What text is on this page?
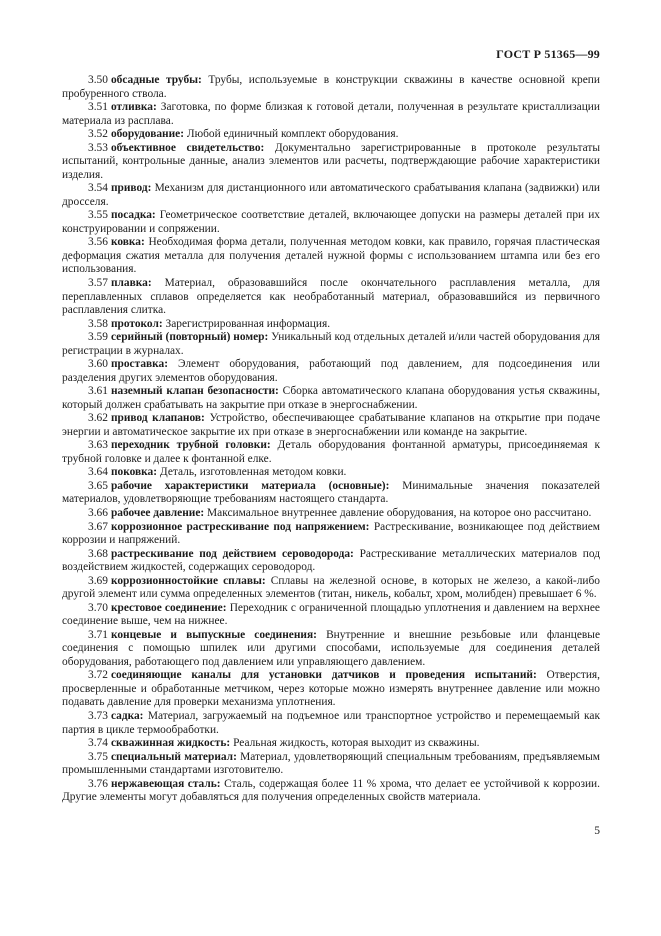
ГОСТ Р 51365—99

3.50 обсадные трубы: Трубы, используемые в конструкции скважины в качестве основной крепи пробуренного ствола.

3.51 отливка: Заготовка, по форме близкая к готовой детали, полученная в результате кристаллизации материала из расплава.

3.52 оборудование: Любой единичный комплект оборудования.

3.53 объективное свидетельство: Документально зарегистрированные в протоколе результаты испытаний, контрольные данные, анализ элементов или расчеты, подтверждающие рабочие характеристики изделия.

3.54 привод: Механизм для дистанционного или автоматического срабатывания клапана (задвижки) или дросселя.

3.55 посадка: Геометрическое соответствие деталей, включающее допуски на размеры деталей при их конструировании и сопряжении.

3.56 ковка: Необходимая форма детали, полученная методом ковки, как правило, горячая пластическая деформация сжатия металла для получения деталей нужной формы с использованием штампа или без его использования.

3.57 плавка: Материал, образовавшийся после окончательного расплавления металла, для переплавленных сплавов определяется как необработанный материал, образовавшийся из первичного расплавления слитка.

3.58 протокол: Зарегистрированная информация.

3.59 серийный (повторный) номер: Уникальный код отдельных деталей и/или частей оборудования для регистрации в журналах.

3.60 проставка: Элемент оборудования, работающий под давлением, для подсоединения или разделения других элементов оборудования.

3.61 наземный клапан безопасности: Сборка автоматического клапана оборудования устья скважины, который должен срабатывать на закрытие при отказе в энергоснабжении.

3.62 привод клапанов: Устройство, обеспечивающее срабатывание клапанов на открытие при подаче энергии и автоматическое закрытие их при отказе в энергоснабжении или команде на закрытие.

3.63 переходник трубной головки: Деталь оборудования фонтанной арматуры, присоединяемая к трубной головке и далее к фонтанной елке.

3.64 поковка: Деталь, изготовленная методом ковки.

3.65 рабочие характеристики материала (основные): Минимальные значения показателей материалов, удовлетворяющие требованиям настоящего стандарта.

3.66 рабочее давление: Максимальное внутреннее давление оборудования, на которое оно рассчитано.

3.67 коррозионное растрескивание под напряжением: Растрескивание, возникающее под действием коррозии и напряжений.

3.68 растрескивание под действием сероводорода: Растрескивание металлических материалов под воздействием жидкостей, содержащих сероводород.

3.69 коррозионностойкие сплавы: Сплавы на железной основе, в которых не железо, а какой-либо другой элемент или сумма определенных элементов (титан, никель, кобальт, хром, молибден) превышает 6 %.

3.70 крестовое соединение: Переходник с ограниченной площадью уплотнения и давлением на верхнее соединение выше, чем на нижнее.

3.71 концевые и выпускные соединения: Внутренние и внешние резьбовые или фланцевые соединения с помощью шпилек или другими способами, используемые для соединения деталей оборудования, работающего под давлением или управляющего давлением.

3.72 соединяющие каналы для установки датчиков и проведения испытаний: Отверстия, просверленные и обработанные метчиком, через которые можно измерять внутреннее давление или можно подавать давление для проверки механизма уплотнения.

3.73 садка: Материал, загружаемый на подъемное или транспортное устройство и перемещаемый как партия в цикле термообработки.

3.74 скважинная жидкость: Реальная жидкость, которая выходит из скважины.

3.75 специальный материал: Материал, удовлетворяющий специальным требованиям, предъявляемым промышленными стандартами изготовителю.

3.76 нержавеющая сталь: Сталь, содержащая более 11 % хрома, что делает ее устойчивой к коррозии. Другие элементы могут добавляться для получения определенных свойств материала.

5
